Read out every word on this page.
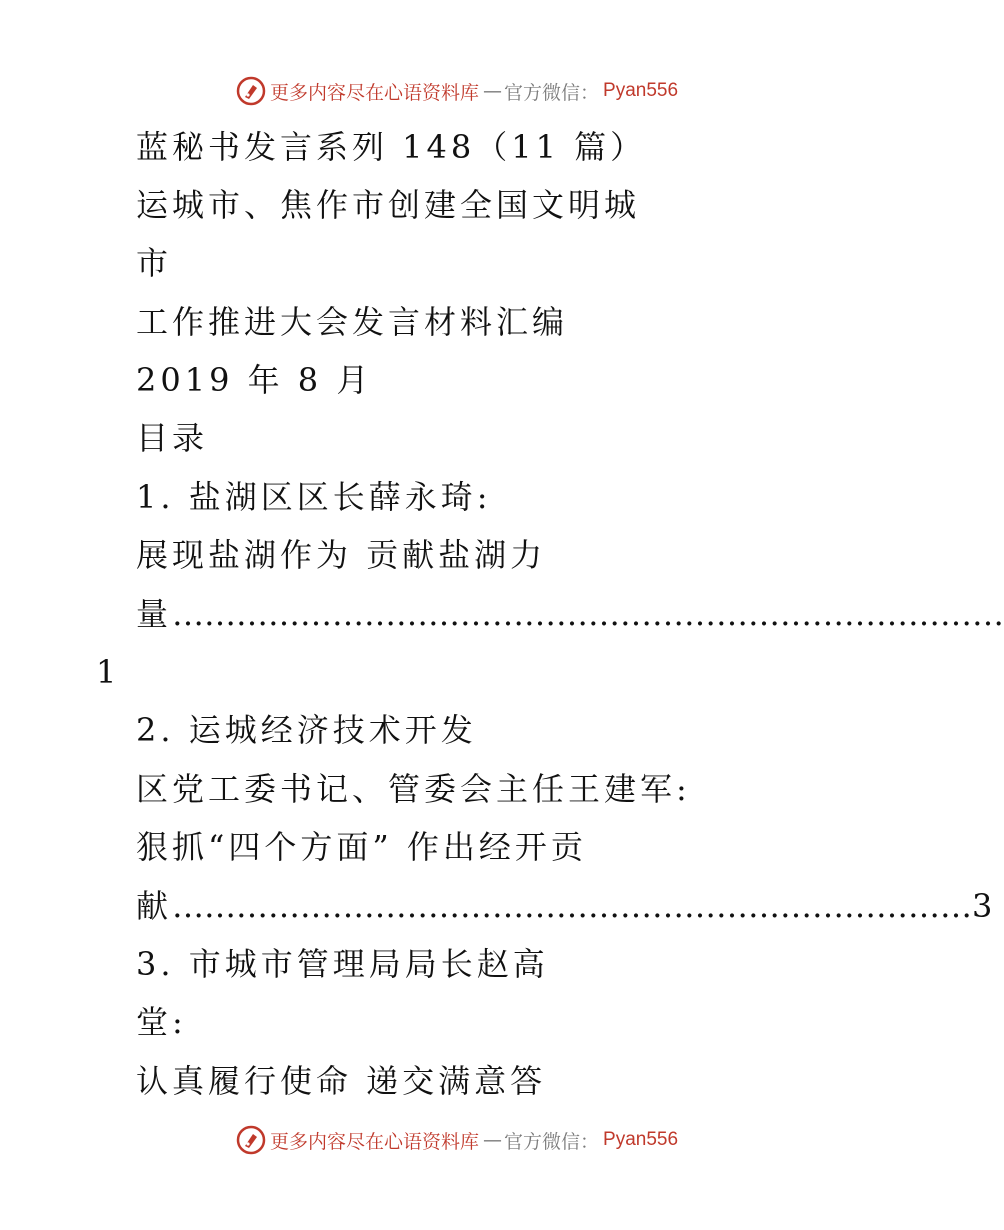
更多内容尽在心语资料库 — 官方微信： Pyan556
蓝秘书发言系列 148（11 篇）
运城市、焦作市创建全国文明城
市
工作推进大会发言材料汇编
2019 年 8 月
目录
1. 盐湖区区长薛永琦:
展现盐湖作为 贡献盐湖力
量……………………………………………………………………
1
2. 运城经济技术开发
区党工委书记、管委会主任王建军:
狠抓“四个方面” 作出经开贡
献…………………………………………………………………3
3. 市城市管理局局长赵高
堂:
认真履行使命 递交满意答
更多内容尽在心语资料库 — 官方微信： Pyan556
